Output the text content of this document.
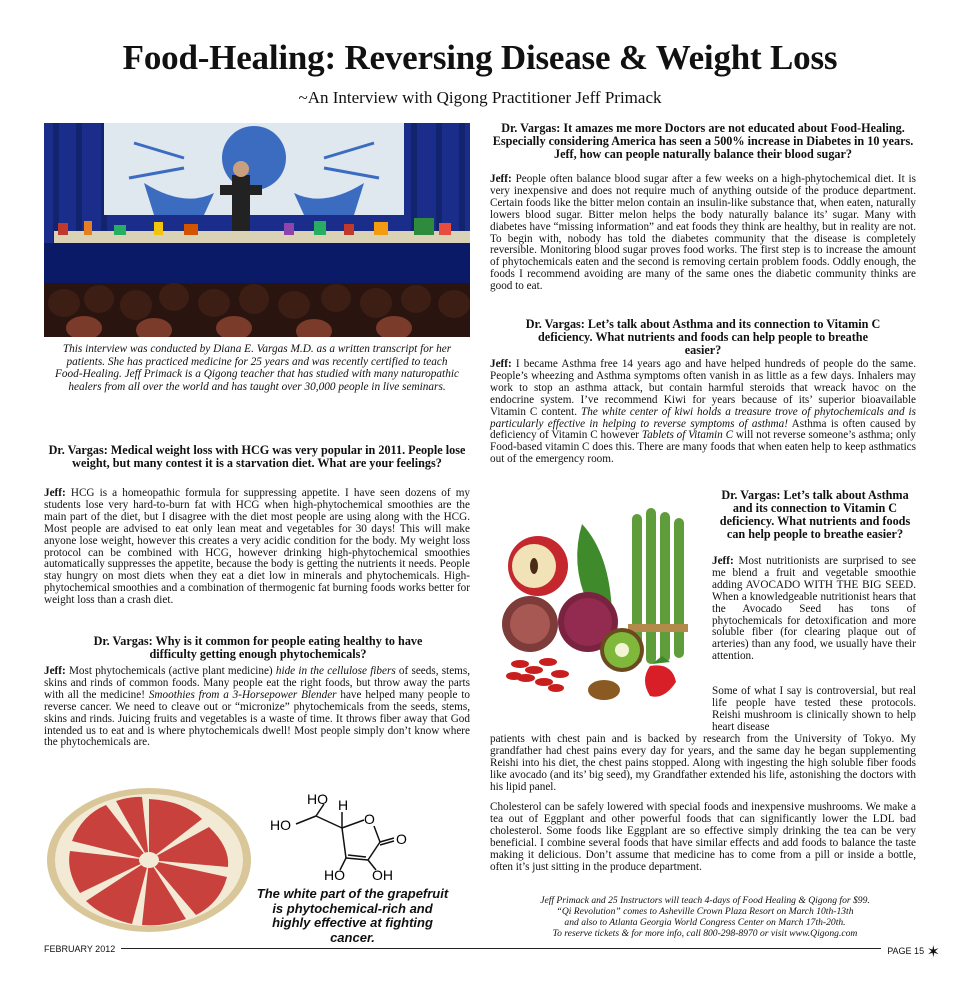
Food-Healing: Reversing Disease & Weight Loss
~An Interview with Qigong Practitioner Jeff Primack
This interview was conducted by Diana E. Vargas M.D. as a written transcript for her patients. She has practiced medicine for 25 years and was recently certified to teach Food-Healing. Jeff Primack is a Qigong teacher that has studied with many naturopathic healers from all over the world and has taught over 30,000 people in live seminars.
Dr. Vargas: Medical weight loss with HCG was very popular in 2011. People lose weight, but many contest it is a starvation diet. What are your feelings?

Jeff: HCG is a homeopathic formula for suppressing appetite. I have seen dozens of my students lose very hard-to-burn fat with HCG when high-phytochemical smoothies are the main part of the diet, but I disagree with the diet most people are using along with the HCG. Most people are advised to eat only lean meat and vegetables for 30 days! This will make anyone lose weight, however this creates a very acidic condition for the body. My weight loss protocol can be combined with HCG, however drinking high-phytochemical smoothies automatically suppresses the appetite, because the body is getting the nutrients it needs. People stay hungry on most diets when they eat a diet low in minerals and phytochemicals. High-phytochemical smoothies and a combination of thermogenic fat burning foods works better for weight loss than a crash diet.

Dr. Vargas: Why is it common for people eating healthy to have difficulty getting enough phytochemicals?

Jeff: Most phytochemicals (active plant medicine) hide in the cellulose fibers of seeds, stems, skins and rinds of common foods. Many people eat the right foods, but throw away the parts with all the medicine! Smoothies from a 3-Horsepower Blender have helped many people to reverse cancer. We need to cleave out or “micronize” phytochemicals from the seeds, stems, skins and rinds. Juicing fruits and vegetables is a waste of time. It throws fiber away that God intended us to eat and is where phytochemicals dwell! Most people simply don’t know where the phytochemicals are.

HO
HO
H
O
O
HO OH
The white part of the grapefruit is phytochemical-rich and highly effective at fighting cancer.
Dr. Vargas: It amazes me more Doctors are not educated about Food-Healing. Especially considering America has seen a 500% increase in Diabetes in 10 years. Jeff, how can people naturally balance their blood sugar?

Jeff: People often balance blood sugar after a few weeks on a high-phytochemical diet. It is very inexpensive and does not require much of anything outside of the produce department. Certain foods like the bitter melon contain an insulin-like substance that, when eaten, naturally lowers blood sugar. Bitter melon helps the body naturally balance its’ sugar. Many with diabetes have “missing information” and eat foods they think are healthy, but in reality are not. To begin with, nobody has told the diabetes community that the disease is completely reversible. Monitoring blood sugar proves food works. The first step is to increase the amount of phytochemicals eaten and the second is removing certain problem foods. Oddly enough, the foods I recommend avoiding are many of the same ones the diabetic community thinks are good to eat.

Dr. Vargas: Let’s talk about Asthma and its connection to Vitamin C deficiency. What nutrients and foods can help people to breathe easier?

Jeff: I became Asthma free 14 years ago and have helped hundreds of people do the same. People’s wheezing and Asthma symptoms often vanish in as little as a few days. Inhalers may work to stop an asthma attack, but contain harmful steroids that wreack havoc on the endocrine system. I’ve recommend Kiwi for years because of its’ superior bioavailable Vitamin C content. The white center of kiwi holds a treasure trove of phytochemicals and is particularly effective in helping to reverse symptoms of asthma! Asthma is often caused by deficiency of Vitamin C however Tablets of Vitamin C will not reverse someone’s asthma; only Food-based vitamin C does this. There are many foods that when eaten help to keep asthmatics out of the emergency room.

Dr. Vargas: Let’s talk about Asthma and its connection to Vitamin C deficiency. What nutrients and foods can help people to breathe easier?

Jeff: Most nutritionists are surprised to see me blend a fruit and vegetable smoothie adding AVOCADO WITH THE BIG SEED. When a knowledgeable nutritionist hears that the Avocado Seed has tons of phytochemicals for detoxification and more soluble fiber (for clearing plaque out of arteries) than any food, we usually have their attention.

Some of what I say is controversial, but real life people have tested these protocols. Reishi mushroom is clinically shown to help heart disease

patients with chest pain and is backed by research from the University of Tokyo. My grandfather had chest pains every day for years, and the same day he began supplementing Reishi into his diet, the chest pains stopped. Along with ingesting the high soluble fiber foods like avocado (and its’ big seed), my Grandfather extended his life, astonishing the doctors with his lipid panel.

Cholesterol can be safely lowered with special foods and inexpensive mushrooms. We make a tea out of Eggplant and other powerful foods that can significantly lower the LDL bad cholesterol. Some foods like Eggplant are so effective simply drinking the tea can be very beneficial. I combine several foods that have similar effects and add foods to balance the taste making it delicious. Don’t assume that medicine has to come from a pill or inside a bottle, often it’s just sitting in the produce department.

Jeff Primack and 25 Instructors will teach 4-days of Food Healing & Qigong for $99.
“Qi Revolution” comes to Asheville Crown Plaza Resort on March 10th-13th
and also to Atlanta Georgia World Congress Center on March 17th-20th.
To reserve tickets & for more info, call 800-298-8970 or visit www.Qigong.com
FEBRUARY 2012	PAGE 15 ✶
